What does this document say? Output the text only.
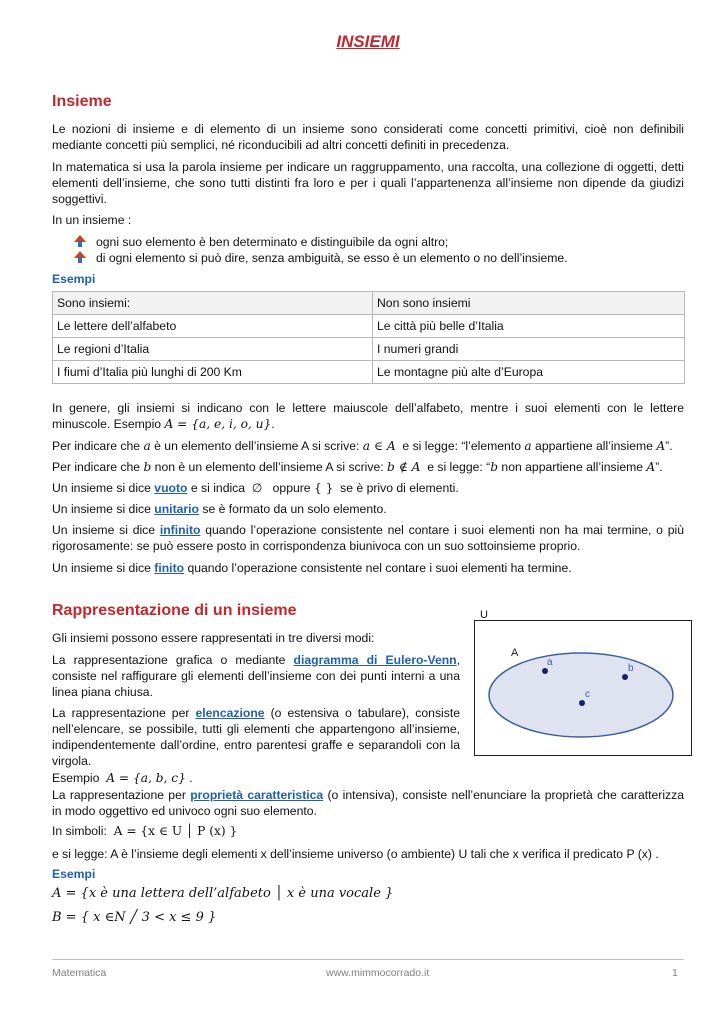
INSIEMI
Insieme

Le nozioni di insieme e di elemento di un insieme sono considerati come concetti primitivi, cioè non definibili mediante concetti più semplici, né riconducibili ad altri concetti definiti in precedenza.

In matematica si usa la parola insieme per indicare un raggruppamento, una raccolta, una collezione di oggetti, detti elementi dell’insieme, che sono tutti distinti fra loro e per i quali l’appartenenza all’insieme non dipende da giudizi soggettivi.

In un insieme :

ogni suo elemento è ben determinato e distinguibile da ogni altro;
di ogni elemento si può dire, senza ambiguità, se esso è un elemento o no dell’insieme.
Esempi
Sono insiemi:	Non sono insiemi
Le lettere dell’alfabeto	Le città più belle d’Italia
Le regioni d’Italia	I numeri grandi
I fiumi d’Italia più lunghi di 200 Km	Le montagne più alte d’Europa

In genere, gli insiemi si indicano con le lettere maiuscole dell’alfabeto, mentre i suoi elementi con le lettere minuscole. Esempio A = {a, e, i, o, u}.

Per indicare che a è un elemento dell’insieme A si scrive: a ∈ A e si legge: “l’elemento a appartiene all’insieme A”.

Per indicare che b non è un elemento dell’insieme A si scrive: b ∉ A e si legge: “b non appartiene all’insieme A”.

Un insieme si dice vuoto e si indica ∅ oppure { } se è privo di elementi.

Un insieme si dice unitario se è formato da un solo elemento.

Un insieme si dice infinito quando l’operazione consistente nel contare i suoi elementi non ha mai termine, o più rigorosamente: se può essere posto in corrispondenza biunivoca con un suo sottoinsieme proprio.

Un insieme si dice finito quando l’operazione consistente nel contare i suoi elementi ha termine.

Rappresentazione di un insieme

Gli insiemi possono essere rappresentati in tre diversi modi:

La rappresentazione grafica o mediante diagramma di Eulero-Venn, consiste nel raffigurare gli elementi dell’insieme con dei punti interni a una linea piana chiusa.

La rappresentazione per elencazione (o estensiva o tabulare), consiste nell’elencare, se possibile, tutti gli elementi che appartengono all’insieme, indipendentemente dall’ordine, entro parentesi graffe e separandoli con la virgola.

Esempio A = {a, b, c} .

La rappresentazione per proprietà caratteristica (o intensiva), consiste nell’enunciare la proprietà che caratterizza in modo oggettivo ed univoco ogni suo elemento.

In simboli: A = {x ∈ U │ P (x) }

e si legge: A è l’insieme degli elementi x dell’insieme universo (o ambiente) U tali che x verifica il predicato P (x) .

Esempi

A = {x è una lettera dell’alfabeto │ x è una vocale }

B = { x ∈N ╱ 3 < x ≤ 9 }

A
a
b
c
U
Matematica	www.mimmocorrado.it	1
